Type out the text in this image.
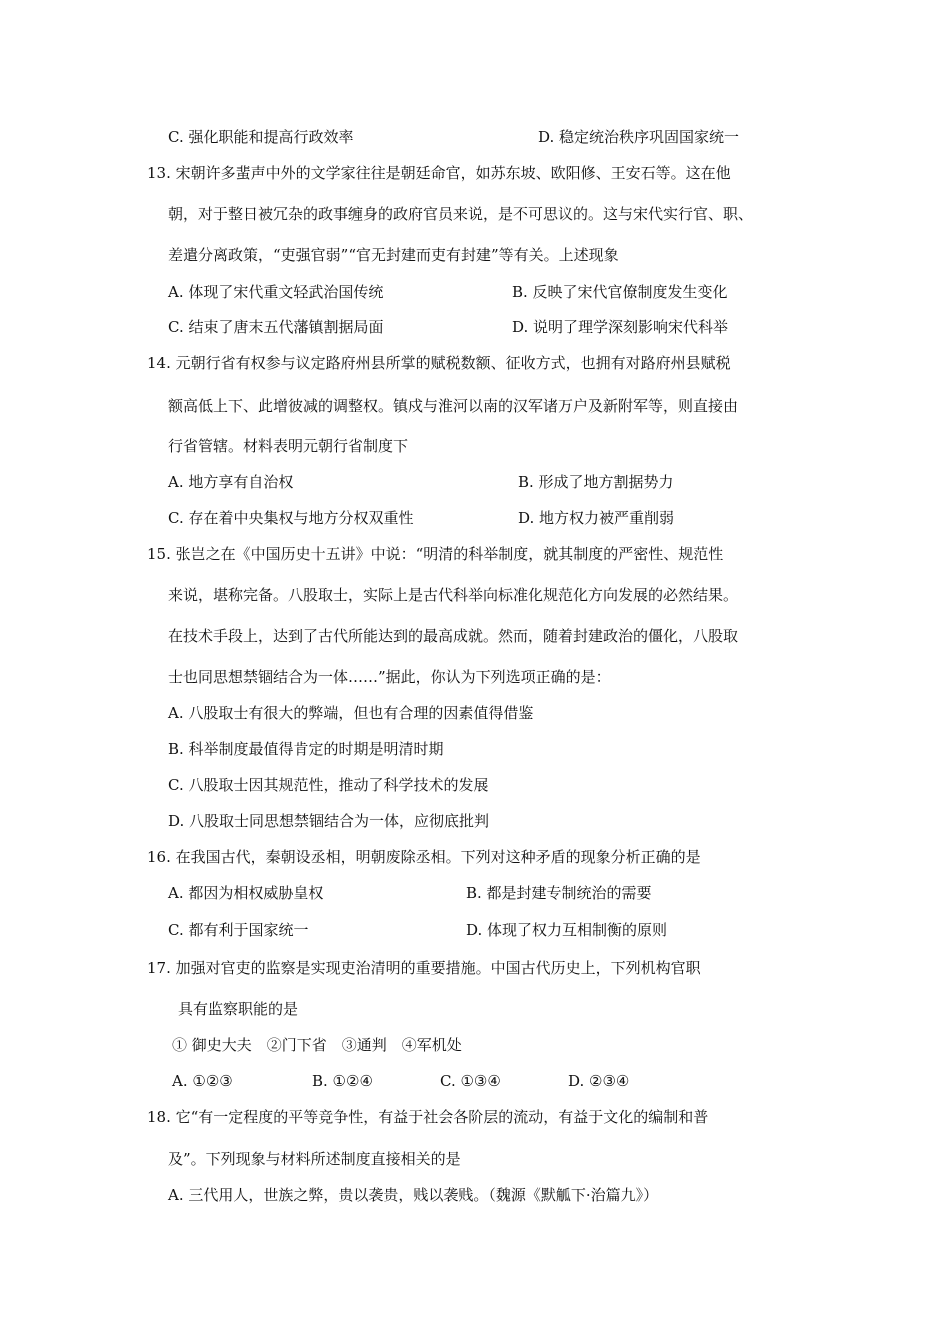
C. 强化职能和提高行政效率	D. 稳定统治秩序巩固国家统一
13. 宋朝许多蜚声中外的文学家往往是朝廷命官，如苏东坡、欧阳修、王安石等。这在他
朝，对于整日被冗杂的政事缠身的政府官员来说，是不可思议的。这与宋代实行官、职、
差遣分离政策，“吏强官弱”“官无封建而吏有封建”等有关。上述现象
A. 体现了宋代重文轻武治国传统	B. 反映了宋代官僚制度发生变化
C. 结束了唐末五代藩镇割据局面	D. 说明了理学深刻影响宋代科举
14. 元朝行省有权参与议定路府州县所掌的赋税数额、征收方式，也拥有对路府州县赋税
额高低上下、此增彼减的调整权。镇戍与淮河以南的汉军诸万户及新附军等，则直接由
行省管辖。材料表明元朝行省制度下
A. 地方享有自治权	B. 形成了地方割据势力
C. 存在着中央集权与地方分权双重性	D. 地方权力被严重削弱
15. 张岂之在《中国历史十五讲》中说：“明清的科举制度，就其制度的严密性、规范性
来说，堪称完备。八股取士，实际上是古代科举向标准化规范化方向发展的必然结果。
在技术手段上，达到了古代所能达到的最高成就。然而，随着封建政治的僵化，八股取
士也同思想禁锢结合为一体……”据此，你认为下列选项正确的是：
A. 八股取士有很大的弊端，但也有合理的因素值得借鉴
B. 科举制度最值得肯定的时期是明清时期
C. 八股取士因其规范性，推动了科学技术的发展
D. 八股取士同思想禁锢结合为一体，应彻底批判
16. 在我国古代，秦朝设丞相，明朝废除丞相。下列对这种矛盾的现象分析正确的是
A. 都因为相权威胁皇权	B. 都是封建专制统治的需要
C. 都有利于国家统一	D. 体现了权力互相制衡的原则
17. 加强对官吏的监察是实现吏治清明的重要措施。中国古代历史上，下列机构官职
具有监察职能的是
① 御史大夫　②门下省　③通判　④军机处
A. ①②③	B. ①②④	C. ①③④	D. ②③④
18. 它“有一定程度的平等竞争性，有益于社会各阶层的流动，有益于文化的编制和普
及”。下列现象与材料所述制度直接相关的是
A. 三代用人，世族之弊，贵以袭贵，贱以袭贱。（魏源《默觚下·治篇九》）
